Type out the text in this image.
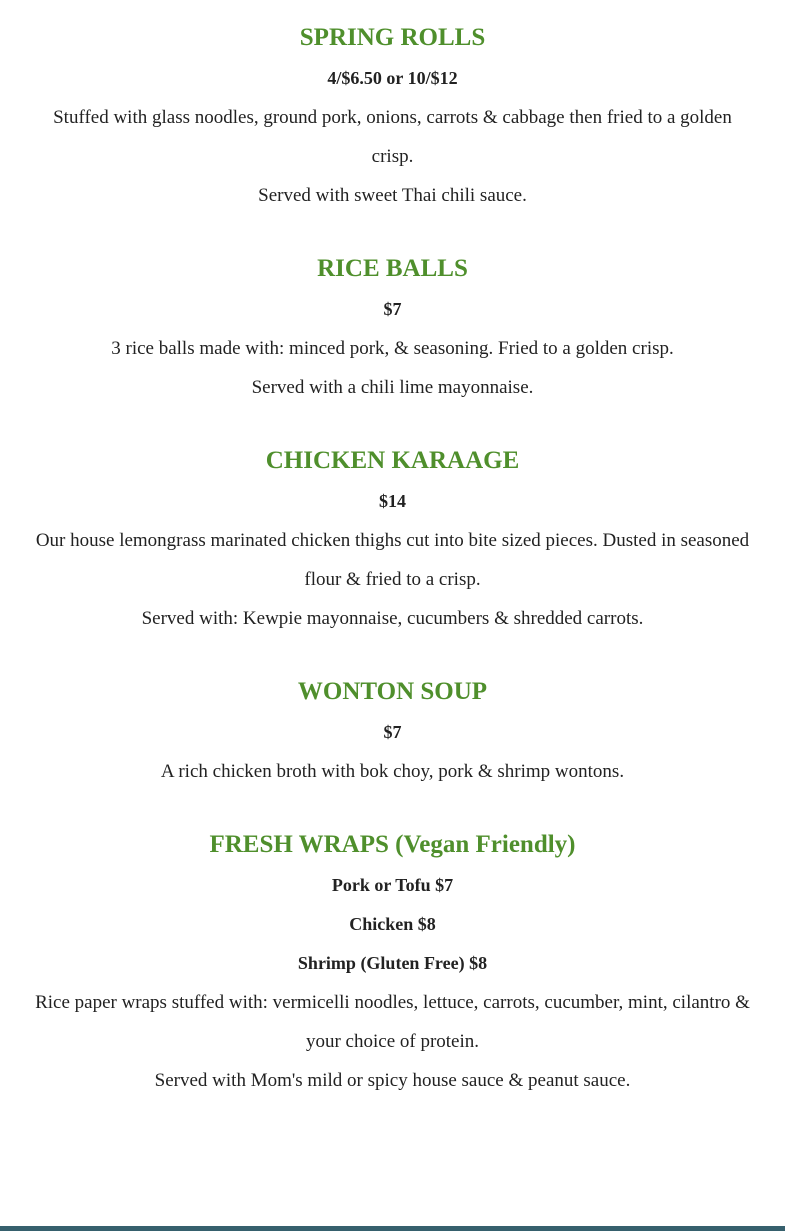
SPRING ROLLS

4/$6.50 or 10/$12

Stuffed with glass noodles, ground pork, onions, carrots & cabbage then fried to a golden crisp.

Served with sweet Thai chili sauce.

RICE BALLS

$7

3 rice balls made with: minced pork, & seasoning. Fried to a golden crisp.

Served with a chili lime mayonnaise.

CHICKEN KARAAGE

$14

Our house lemongrass marinated chicken thighs cut into bite sized pieces. Dusted in seasoned flour & fried to a crisp.

Served with: Kewpie mayonnaise, cucumbers & shredded carrots.

WONTON SOUP

$7

A rich chicken broth with bok choy, pork & shrimp wontons.

FRESH WRAPS (Vegan Friendly)

Pork or Tofu $7

Chicken $8

Shrimp (Gluten Free) $8

Rice paper wraps stuffed with: vermicelli noodles, lettuce, carrots, cucumber, mint, cilantro & your choice of protein.

Served with Mom's mild or spicy house sauce & peanut sauce.
